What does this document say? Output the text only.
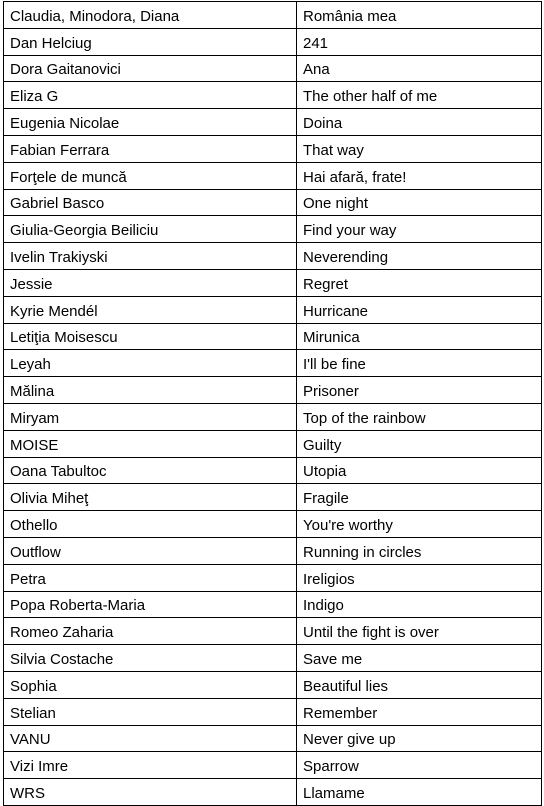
Claudia, Minodora, Diana	România mea
Dan Helciug	241
Dora Gaitanovici	Ana
Eliza G	The other half of me
Eugenia Nicolae	Doina
Fabian Ferrara	That way
Forţele de muncă	Hai afară, frate!
Gabriel Basco	One night
Giulia-Georgia Beiliciu	Find your way
Ivelin Trakiyski	Neverending
Jessie	Regret
Kyrie Mendél	Hurricane
Letiţia Moisescu	Mirunica
Leyah	I'll be fine
Mălina	Prisoner
Miryam	Top of the rainbow
MOISE	Guilty
Oana Tabultoc	Utopia
Olivia Miheţ	Fragile
Othello	You're worthy
Outflow	Running in circles
Petra	Ireligios
Popa Roberta-Maria	Indigo
Romeo Zaharia	Until the fight is over
Silvia Costache	Save me
Sophia	Beautiful lies
Stelian	Remember
VANU	Never give up
Vizi Imre	Sparrow
WRS	Llamame
